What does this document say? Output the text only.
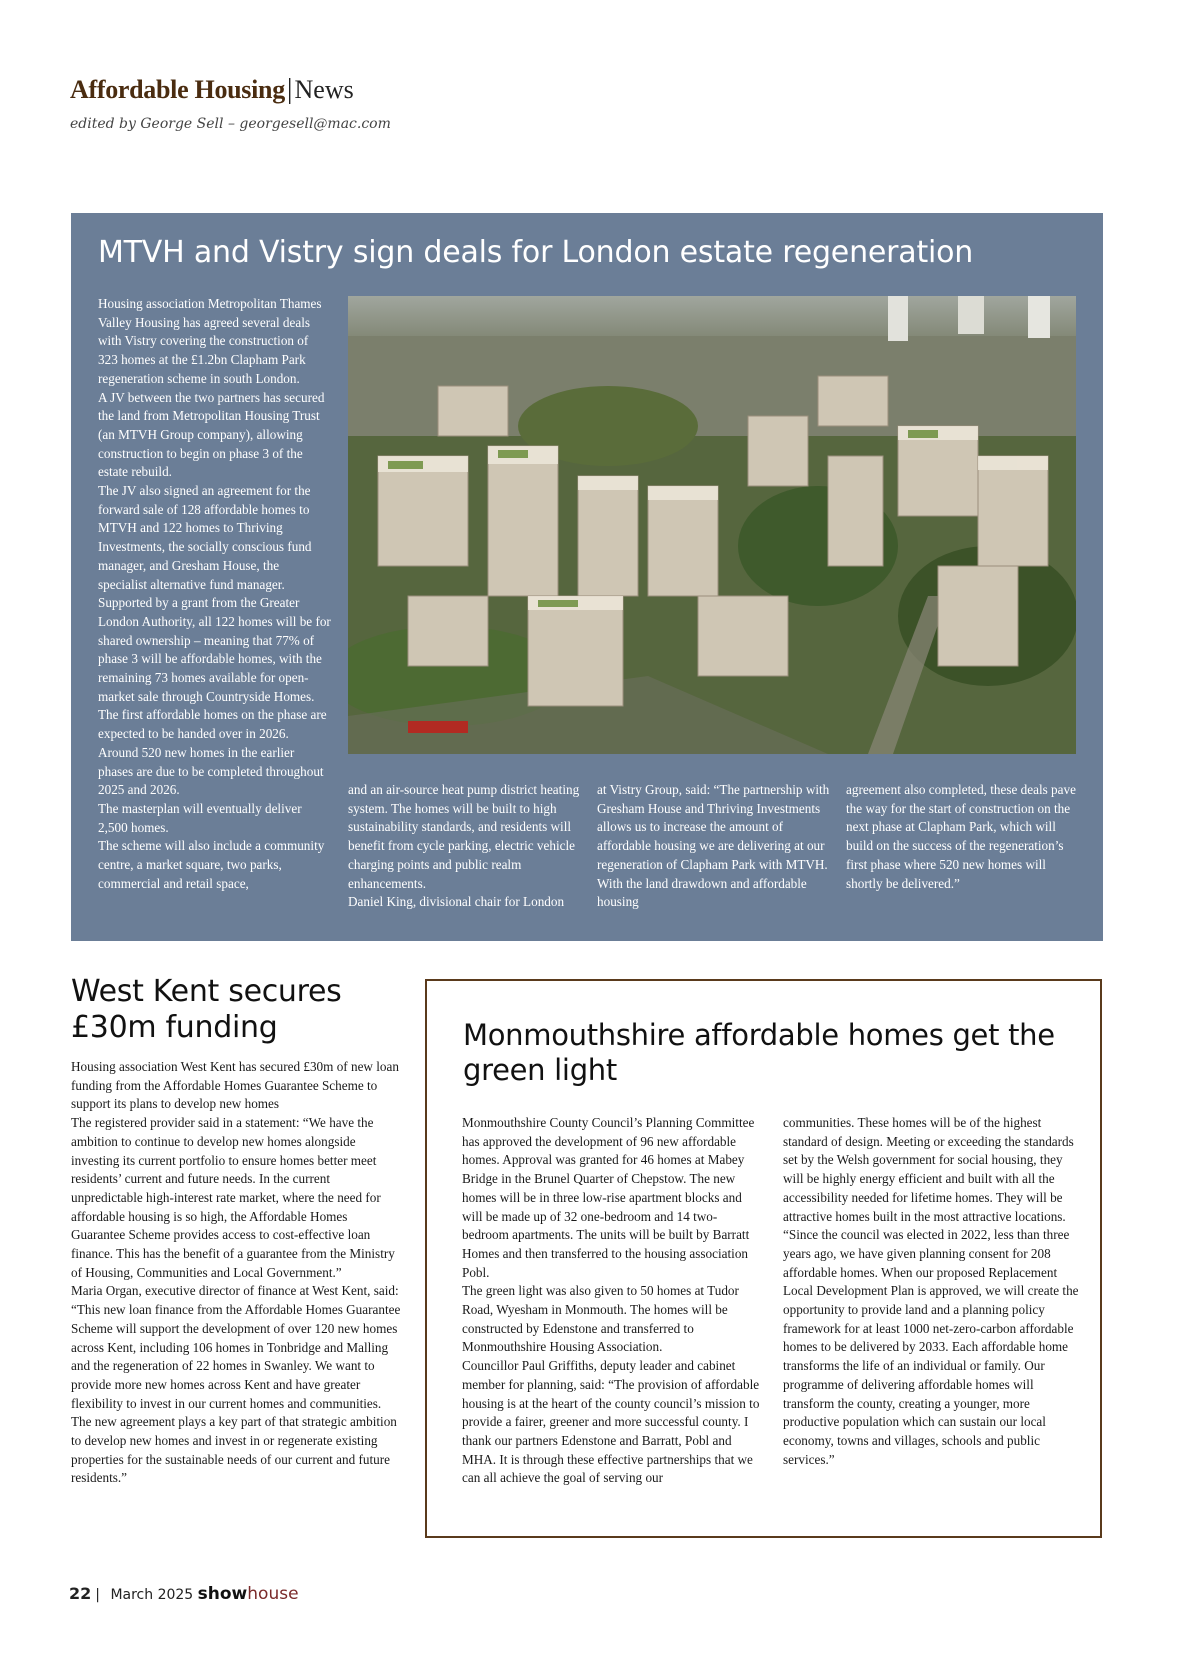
Affordable Housing|News
edited by George Sell – georgesell@mac.com
MTVH and Vistry sign deals for London estate regeneration

Housing association Metropolitan Thames Valley Housing has agreed several deals with Vistry covering the construction of 323 homes at the £1.2bn Clapham Park regeneration scheme in south London.

A JV between the two partners has secured the land from Metropolitan Housing Trust (an MTVH Group company), allowing construction to begin on phase 3 of the estate rebuild.

The JV also signed an agreement for the forward sale of 128 affordable homes to MTVH and 122 homes to Thriving Investments, the socially conscious fund manager, and Gresham House, the specialist alternative fund manager.

Supported by a grant from the Greater London Authority, all 122 homes will be for shared ownership – meaning that 77% of phase 3 will be affordable homes, with the remaining 73 homes available for open-market sale through Countryside Homes. The first affordable homes on the phase are expected to be handed over in 2026. Around 520 new homes in the earlier phases are due to be completed throughout 2025 and 2026.

The masterplan will eventually deliver 2,500 homes.

The scheme will also include a community centre, a market square, two parks, commercial and retail space,

and an air-source heat pump district heating system. The homes will be built to high sustainability standards, and residents will benefit from cycle parking, electric vehicle charging points and public realm enhancements.

Daniel King, divisional chair for London

at Vistry Group, said: “The partnership with Gresham House and Thriving Investments allows us to increase the amount of affordable housing we are delivering at our regeneration of Clapham Park with MTVH. With the land drawdown and affordable housing

agreement also completed, these deals pave the way for the start of construction on the next phase at Clapham Park, which will build on the success of the regeneration’s first phase where 520 new homes will shortly be delivered.”

West Kent secures
£30m funding

Housing association West Kent has secured £30m of new loan funding from the Affordable Homes Guarantee Scheme to support its plans to develop new homes

The registered provider said in a statement: “We have the ambition to continue to develop new homes alongside investing its current portfolio to ensure homes better meet residents’ current and future needs. In the current unpredictable high-interest rate market, where the need for affordable housing is so high, the Affordable Homes Guarantee Scheme provides access to cost-effective loan finance. This has the benefit of a guarantee from the Ministry of Housing, Communities and Local Government.”

Maria Organ, executive director of finance at West Kent, said: “This new loan finance from the Affordable Homes Guarantee Scheme will support the development of over 120 new homes across Kent, including 106 homes in Tonbridge and Malling and the regeneration of 22 homes in Swanley. We want to provide more new homes across Kent and have greater flexibility to invest in our current homes and communities. The new agreement plays a key part of that strategic ambition to develop new homes and invest in or regenerate existing properties for the sustainable needs of our current and future residents.”

Monmouthshire affordable homes get the green light

Monmouthshire County Council’s Planning Committee has approved the development of 96 new affordable homes. Approval was granted for 46 homes at Mabey Bridge in the Brunel Quarter of Chepstow. The new homes will be in three low-rise apartment blocks and will be made up of 32 one-bedroom and 14 two-bedroom apartments. The units will be built by Barratt Homes and then transferred to the housing association Pobl.

The green light was also given to 50 homes at Tudor Road, Wyesham in Monmouth. The homes will be constructed by Edenstone and transferred to Monmouthshire Housing Association.

Councillor Paul Griffiths, deputy leader and cabinet member for planning, said: “The provision of affordable housing is at the heart of the county council’s mission to provide a fairer, greener and more successful county. I thank our partners Edenstone and Barratt, Pobl and MHA. It is through these effective partnerships that we can all achieve the goal of serving our

communities. These homes will be of the highest standard of design. Meeting or exceeding the standards set by the Welsh government for social housing, they will be highly energy efficient and built with all the accessibility needed for lifetime homes. They will be attractive homes built in the most attractive locations.

“Since the council was elected in 2022, less than three years ago, we have given planning consent for 208 affordable homes. When our proposed Replacement Local Development Plan is approved, we will create the opportunity to provide land and a planning policy framework for at least 1000 net-zero-carbon affordable homes to be delivered by 2033. Each affordable home transforms the life of an individual or family. Our programme of delivering affordable homes will transform the county, creating a younger, more productive population which can sustain our local economy, towns and villages, schools and public services.”

22 | March 2025 showhouse
